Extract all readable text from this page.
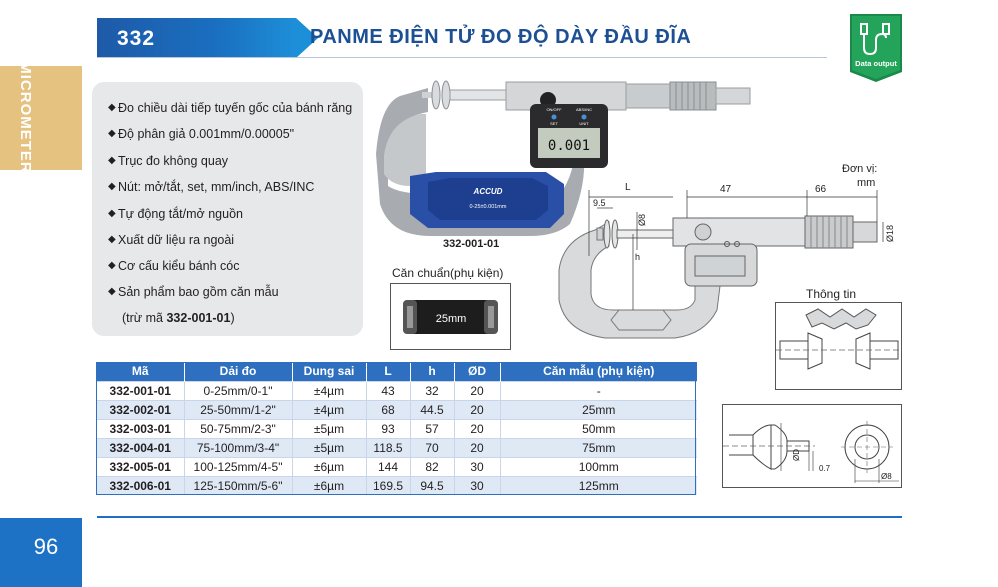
332	PANME ĐIỆN TỬ ĐO ĐỘ DÀY ĐẦU ĐĨA
Data output
MICROMETER	◆ Đo chiều dài tiếp tuyến gốc của bánh răng
◆ Độ phân giả 0.001mm/0.00005"
◆ Trục đo không quay
◆ Nút: mở/tắt, set, mm/inch, ABS/INC
◆ Tự động tắt/mở nguồn
◆ Xuất dữ liệu ra ngoài
◆ Cơ cấu kiểu bánh cóc
◆ Sản phẩm bao gồm căn mẫu
(trừ mã 332-001-01)
ACCUD
0-25±0.001mm
0.001
ON/OFF	ABS/INC
SET	UNIT
332-001-01
Căn chuẩn(phụ kiện)
25mm
L	47	66
9.5
Ø8
h
Ø18
Đơn vị:
mm
Thông tin
ØD
0.7
Ø8
Mã	Dải đo	Dung sai	L	h	ØD	Căn mẫu (phụ kiện)
332-001-01	0-25mm/0-1"	±4µm	43	32	20	-
332-002-01	25-50mm/1-2"	±4µm	68	44.5	20	25mm
332-003-01	50-75mm/2-3"	±5µm	93	57	20	50mm
332-004-01	75-100mm/3-4"	±5µm	118.5	70	20	75mm
332-005-01	100-125mm/4-5"	±6µm	144	82	30	100mm
332-006-01	125-150mm/5-6"	±6µm	169.5	94.5	30	125mm
96
